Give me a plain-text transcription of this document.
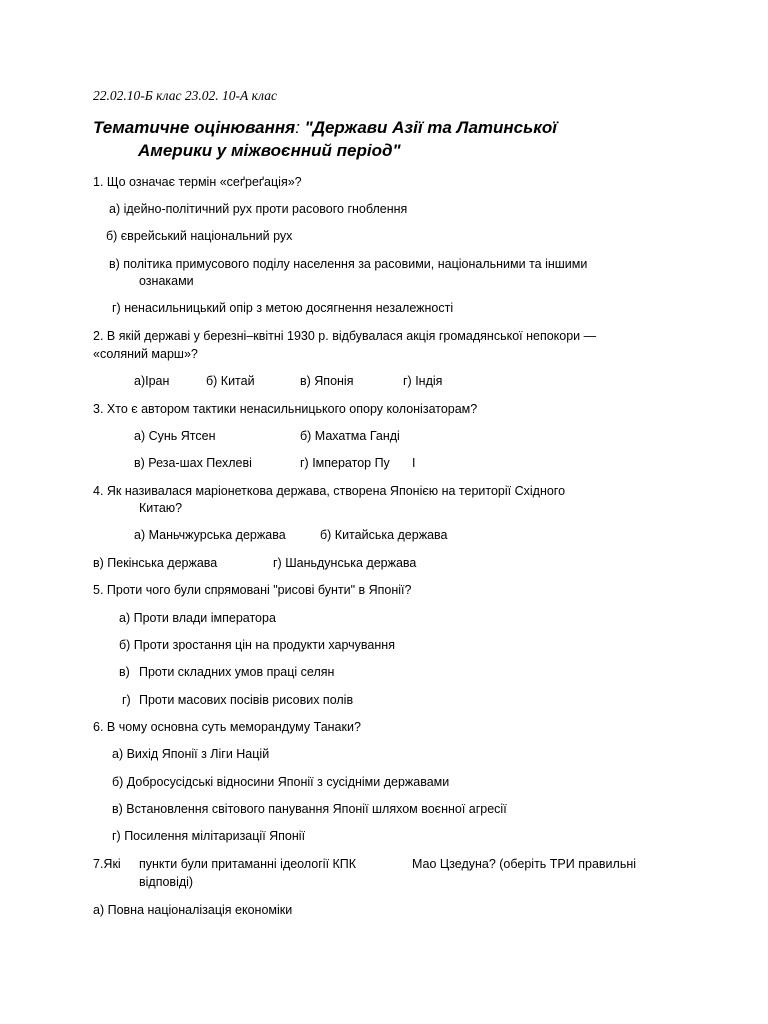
22.02.10-Б клас 23.02. 10-А клас
Тематичне оцінювання: "Держави Азії та Латинської
Америки у міжвоєнний період"
1. Що означає термін «сеґреґація»?
а) ідейно-політичний рух проти расового гноблення
б) єврейський національний рух
в) політика примусового поділу населення за расовими, національними та іншими
ознаками
г) ненасильницький опір з метою досягнення незалежності
2. В якій державі у березні–квітні 1930 р. відбувалася акція громадянської непокори —
«соляний марш»?
а)Іран	б) Китай	в) Японія	г) Індія
3. Хто є автором тактики ненасильницького опору колонізаторам?
а) Сунь Ятсен	б) Махатма Ганді
в) Реза-шах Пехлеві	г) Імператор Пу І
4. Як називалася маріонеткова держава, створена Японією на території Східного
Китаю?
а) Маньчжурська держава	б) Китайська держава
в) Пекінська держава	г) Шаньдунська держава
5. Проти чого були спрямовані "рисові бунти" в Японії?
а) Проти влади імператора
б) Проти зростання цін на продукти харчування
в) Проти складних умов праці селян
г) Проти масових посівів рисових полів
6. В чому основна суть меморандуму Танаки?
а) Вихід Японії з Ліги Націй
б) Добросусідські відносини Японії з сусідніми державами
в) Встановлення світового панування Японії шляхом воєнної агресії
г) Посилення мілітаризації Японії
7.Які пункти були притаманні ідеології КПК	Мао Цзедуна? (оберіть ТРИ правильні
відповіді)
а) Повна націоналізація економіки
